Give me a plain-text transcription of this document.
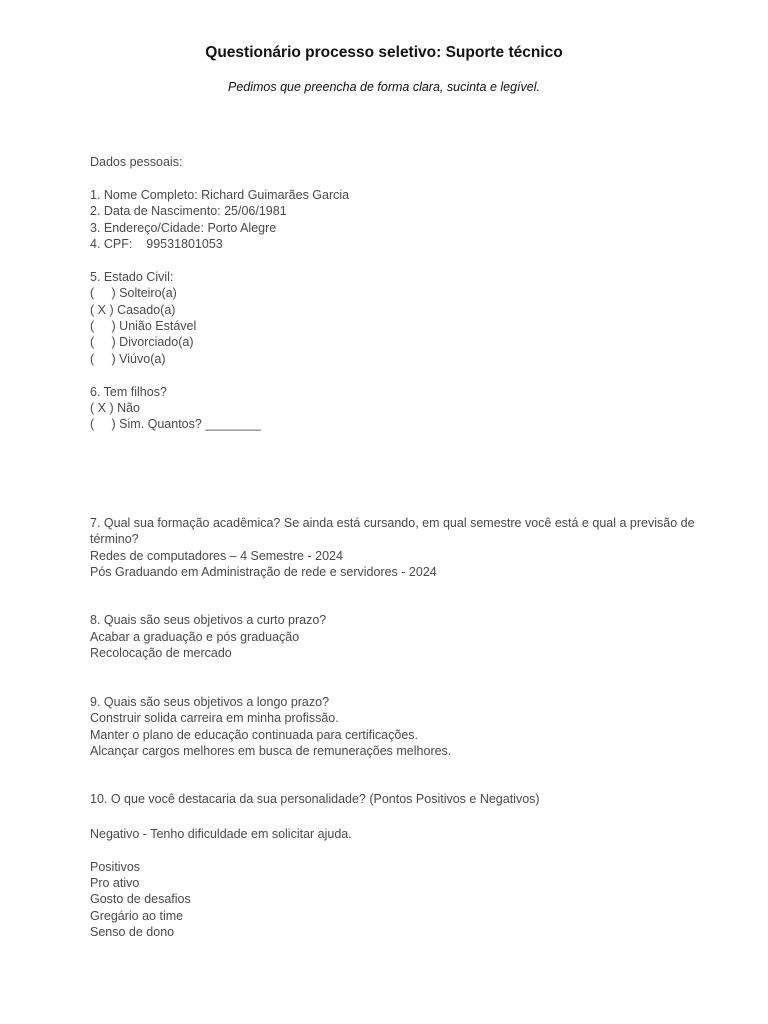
Questionário processo seletivo: Suporte técnico

Pedimos que preencha de forma clara, sucinta e legível.

Dados pessoais:

1. Nome Completo: Richard Guimarães Garcia

2. Data de Nascimento: 25/06/1981

3. Endereço/Cidade: Porto Alegre

4. CPF:    99531801053

5. Estado Civil:

(     ) Solteiro(a)

( X ) Casado(a)

(     ) União Estável

(     ) Divorciado(a)

(     ) Viúvo(a)

6. Tem filhos?

( X ) Não

(     ) Sim. Quantos? ________

7. Qual sua formação acadêmica? Se ainda está cursando, em qual semestre você está e qual a previsão de término?

Redes de computadores – 4 Semestre - 2024

Pós Graduando em Administração de rede e servidores - 2024

8. Quais são seus objetivos a curto prazo?

Acabar a graduação e pós graduação

Recolocação de mercado

9. Quais são seus objetivos a longo prazo?

Construir solida carreira em minha profissão.

Manter o plano de educação continuada para certificações.

Alcançar cargos melhores em busca de remunerações melhores.

10. O que você destacaria da sua personalidade? (Pontos Positivos e Negativos)

Negativo - Tenho dificuldade em solicitar ajuda.

Positivos

Pro ativo

Gosto de desafios

Gregário ao time

Senso de dono
